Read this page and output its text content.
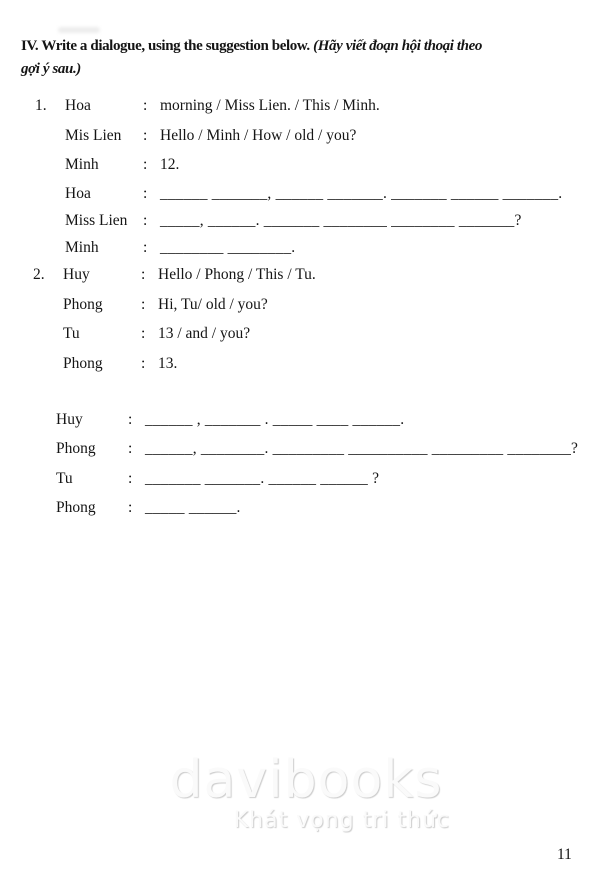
IV. Write a dialogue, using the suggestion below. (Hãy viết đoạn hội thoại theo
gợi ý sau.)
1.	Hoa	: morning / Miss Lien. / This / Minh.
Mis Lien	: Hello / Minh / How / old / you?
Minh	: 12.
Hoa	: ______ _______, ______ _______. _______ ______ _______.
Miss Lien	: _____, ______. _______ ________ ________ _______?
Minh	: ________ ________.
2.	Huy	: Hello / Phong / This / Tu.
Phong	: Hi, Tu/ old / you?
Tu	: 13 / and / you?
Phong	: 13.
Huy	: ______ , _______ . _____ ____ ______.
Phong	: ______, ________. _________ __________ _________ ________?
Tu	: _______ _______. ______ ______ ?
Phong	: _____ ______.
davibooks
Khát vọng tri thức
11
